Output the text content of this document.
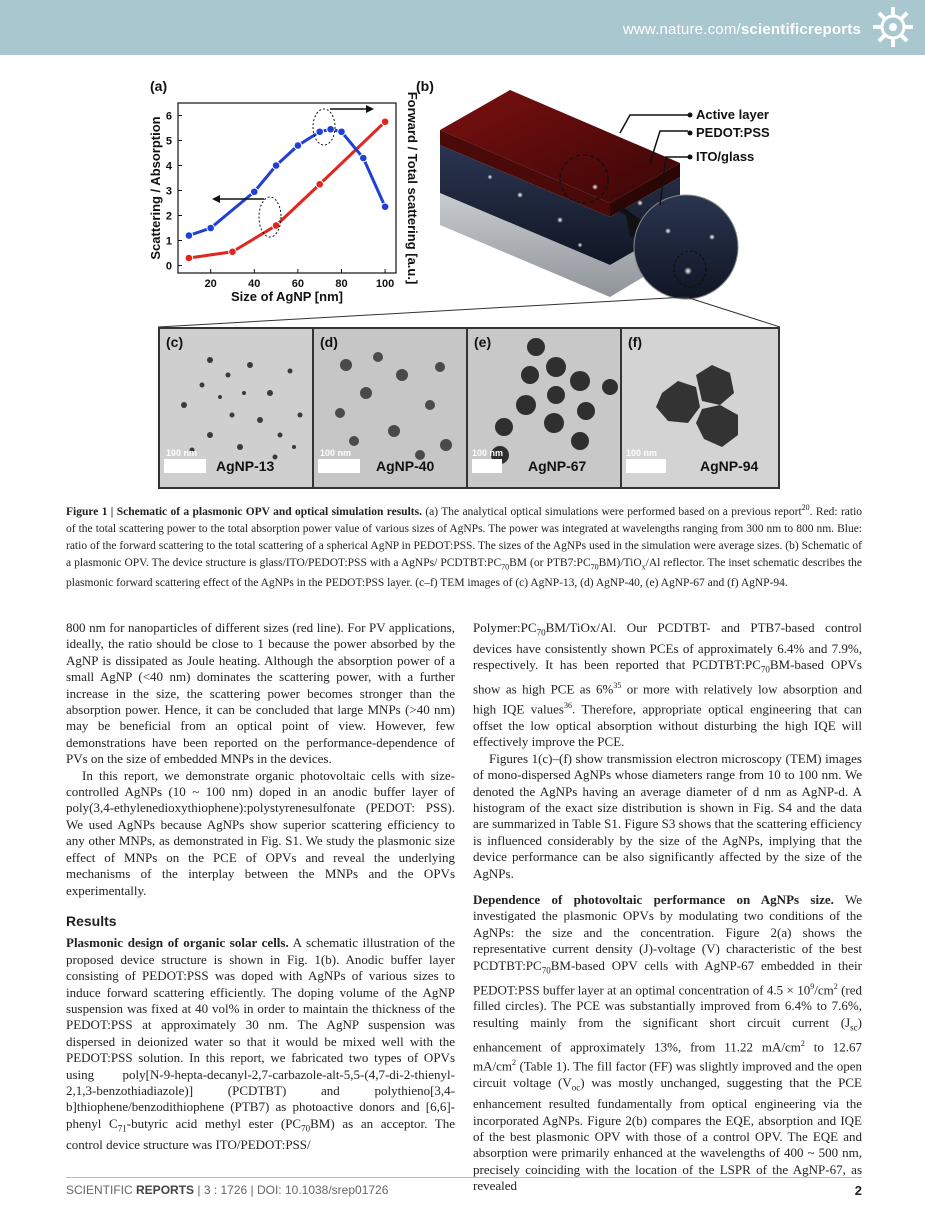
www.nature.com/scientificreports
(a)
0
1
2
3
4
5
6
20	40	60	80	100
Scattering / Absorption	Forward / Total scattering [a.u.]
Size of AgNP [nm]
(b)
Active layer
PEDOT:PSS
ITO/glass
(c)
100 nm
AgNP-13
(d)
100 nm
AgNP-40
(e)
100 nm
AgNP-67
(f)
100 nm
AgNP-94
Figure 1 | Schematic of a plasmonic OPV and optical simulation results. (a) The analytical optical simulations were performed based on a previous report$^{20}$. Red: ratio of the total scattering power to the total absorption power value of various sizes of AgNPs. The power was integrated at wavelengths ranging from 300 nm to 800 nm. Blue: ratio of the forward scattering to the total scattering of a spherical AgNP in PEDOT:PSS. The sizes of the AgNPs used in the simulation were average sizes. (b) Schematic of a plasmonic OPV. The device structure is glass/ITO/PEDOT:PSS with a AgNPs/ $PCDTBT:PC_{70}BM$ (or $PTB7:PC_{70}BM)/TiO_x/Al$ reflector. The inset schematic describes the plasmonic forward scattering effect of the AgNPs in the PEDOT:PSS layer. (c–f) TEM images of (c) AgNP-13, (d) AgNP-40, (e) AgNP-67 and (f) AgNP-94.

800 nm for nanoparticles of different sizes (red line). For PV applications, ideally, the ratio should be close to 1 because the power absorbed by the AgNP is dissipated as Joule heating. Although the absorption power of a small AgNP (<40 nm) dominates the scattering power, with a further increase in the size, the scattering power becomes stronger than the absorption power. Hence, it can be concluded that large MNPs (>40 nm) may be beneficial from an optical point of view. However, few demonstrations have been reported on the performance-dependence of PVs on the size of embedded MNPs in the devices.

In this report, we demonstrate organic photovoltaic cells with size-controlled AgNPs (10 ~ 100 nm) doped in an anodic buffer layer of poly(3,4-ethylenedioxythiophene):polystyrenesulfonate (PEDOT: PSS). We used AgNPs because AgNPs show superior scattering efficiency to any other MNPs, as demonstrated in Fig. S1. We study the plasmonic size effect of MNPs on the PCE of OPVs and reveal the underlying mechanisms of the interplay between the MNPs and the OPVs experimentally.

Results

Plasmonic design of organic solar cells. A schematic illustration of the proposed device structure is shown in Fig. 1(b). Anodic buffer layer consisting of PEDOT:PSS was doped with AgNPs of various sizes to induce forward scattering efficiently. The doping volume of the AgNP suspension was fixed at 40 vol% in order to maintain the thickness of the PEDOT:PSS at approximately 30 nm. The AgNP suspension was dispersed in deionized water so that it would be mixed well with the PEDOT:PSS solution. In this report, we fabricated two types of OPVs using poly[N-9-hepta-decanyl-2,7-carbazole-alt-5,5-(4,7-di-2-thienyl-2,1,3-benzothiadiazole)] (PCDTBT) and polythieno[3,4-b]thiophene/benzodithiophene (PTB7) as photoactive donors and [6,6]-phenyl $C_{71}$-butyric acid methyl ester $(PC_{70}BM)$ as an acceptor. The control device structure was ITO/PEDOT:PSS/

$Polymer:PC_{70}BM/TiOx/Al$. Our PCDTBT- and PTB7-based control devices have consistently shown PCEs of approximately 6.4% and 7.9%, respectively. It has been reported that $PCDTBT:PC_{70}BM$-based OPVs show as high PCE as 6%$^{35}$ or more with relatively low absorption and high IQE values$^{36}$. Therefore, appropriate optical engineering that can offset the low optical absorption without disturbing the high IQE will effectively improve the PCE.

Figures 1(c)–(f) show transmission electron microscopy (TEM) images of mono-dispersed AgNPs whose diameters range from 10 to 100 nm. We denoted the AgNPs having an average diameter of d nm as AgNP-d. A histogram of the exact size distribution is shown in Fig. S4 and the data are summarized in Table S1. Figure S3 shows that the scattering efficiency is influenced considerably by the size of the AgNPs, implying that the device performance can be also significantly affected by the size of the AgNPs.

Dependence of photovoltaic performance on AgNPs size. We investigated the plasmonic OPVs by modulating two conditions of the AgNPs: the size and the concentration. Figure 2(a) shows the representative current density (J)-voltage (V) characteristic of the best $PCDTBT:PC_{70}BM$-based OPV cells with AgNP-67 embedded in their PEDOT:PSS buffer layer at an optimal concentration of $4.5 \times 10^9/cm^2$ (red filled circles). The PCE was substantially improved from 6.4% to 7.6%, resulting mainly from the significant short circuit current $(J_{sc})$ enhancement of approximately 13%, from 11.22 $mA/cm^2$ to 12.67 $mA/cm^2$ (Table 1). The fill factor (FF) was slightly improved and the open circuit voltage $(V_{oc})$ was mostly unchanged, suggesting that the PCE enhancement resulted fundamentally from optical engineering via the incorporated AgNPs. Figure 2(b) compares the EQE, absorption and IQE of the best plasmonic OPV with those of a control OPV. The EQE and absorption were primarily enhanced at the wavelengths of 400 ~ 500 nm, precisely coinciding with the location of the LSPR of the AgNP-67, as revealed

SCIENTIFIC REPORTS | 3 : 1726 | DOI: 10.1038/srep01726	2
